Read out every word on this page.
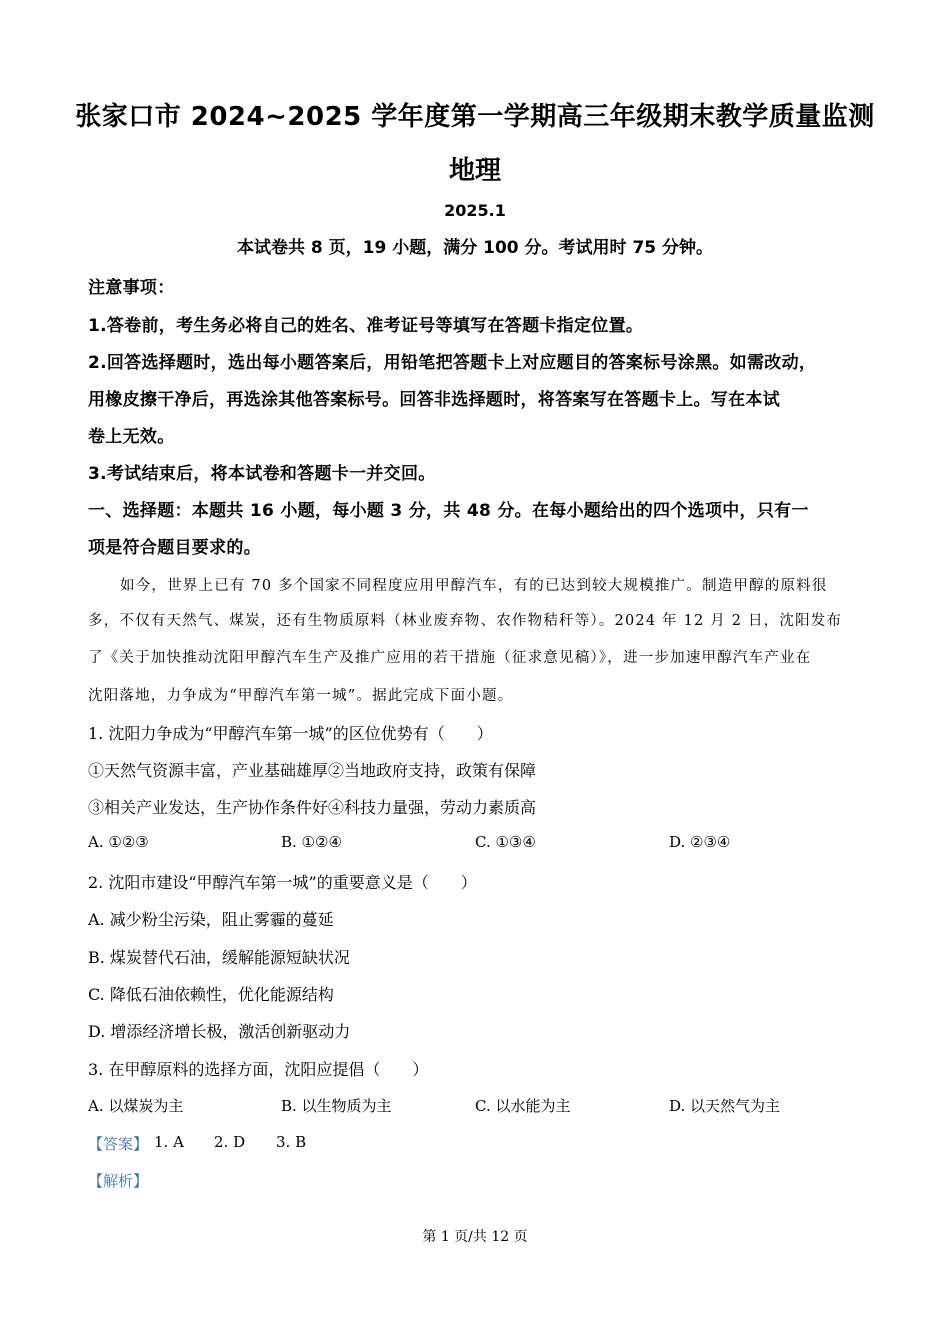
张家口市 2024~2025 学年度第一学期高三年级期末教学质量监测
地理
2025.1
本试卷共 8 页，19 小题，满分 100 分。考试用时 75 分钟。
注意事项：
1.答卷前，考生务必将自己的姓名、准考证号等填写在答题卡指定位置。
2.回答选择题时，选出每小题答案后，用铅笔把答题卡上对应题目的答案标号涂黑。如需改动，
用橡皮擦干净后，再选涂其他答案标号。回答非选择题时，将答案写在答题卡上。写在本试
卷上无效。
3.考试结束后，将本试卷和答题卡一并交回。
一、选择题：本题共 16 小题，每小题 3 分，共 48 分。在每小题给出的四个选项中，只有一
项是符合题目要求的。
如今，世界上已有 70 多个国家不同程度应用甲醇汽车，有的已达到较大规模推广。制造甲醇的原料很
多，不仅有天然气、煤炭，还有生物质原料（林业废弃物、农作物秸秆等）。2024 年 12 月 2 日，沈阳发布
了《关于加快推动沈阳甲醇汽车生产及推广应用的若干措施（征求意见稿）》，进一步加速甲醇汽车产业在
沈阳落地，力争成为“甲醇汽车第一城”。据此完成下面小题。
1. 沈阳力争成为“甲醇汽车第一城”的区位优势有（　　）
①天然气资源丰富，产业基础雄厚②当地政府支持，政策有保障
③相关产业发达，生产协作条件好④科技力量强，劳动力素质高
A. ①②③	B. ①②④	C. ①③④	D. ②③④
2. 沈阳市建设“甲醇汽车第一城”的重要意义是（　　）
A. 减少粉尘污染，阻止雾霾的蔓延
B. 煤炭替代石油，缓解能源短缺状况
C. 降低石油依赖性，优化能源结构
D. 增添经济增长极，激活创新驱动力
3. 在甲醇原料的选择方面，沈阳应提倡（　　）
A. 以煤炭为主	B. 以生物质为主	C. 以水能为主	D. 以天然气为主
【答案】 1. A 2. D 3. B
【解析】
第 1 页/共 12 页
